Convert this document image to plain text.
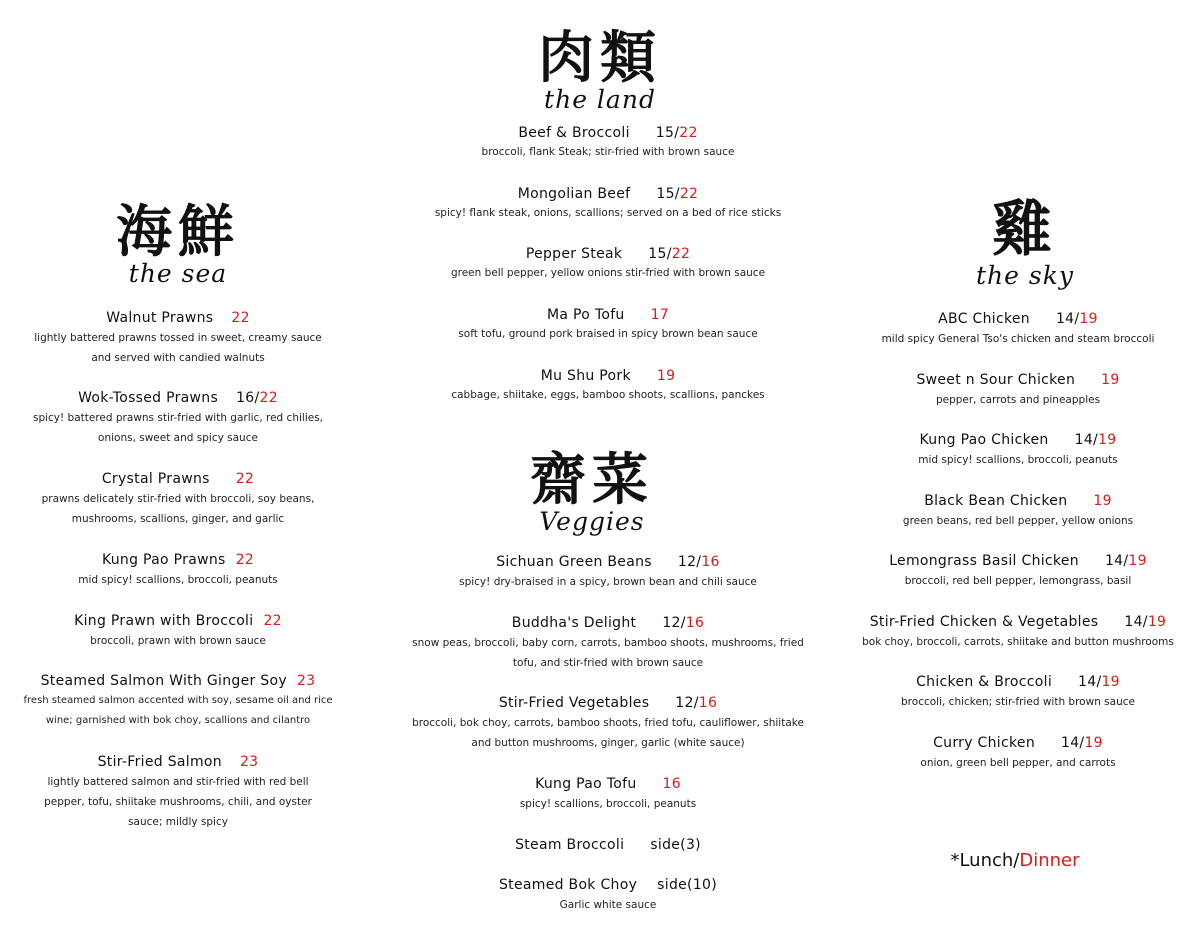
肉類
the land
海鮮
the sea
雞
the sky
齋菜
Veggies
Beef & Broccoli 15/22
broccoli, flank Steak; stir-fried with brown sauce
Mongolian Beef 15/22
spicy! flank steak, onions, scallions; served on a bed of rice sticks
Pepper Steak 15/22
green bell pepper, yellow onions stir-fried with brown sauce
Ma Po Tofu 17
soft tofu, ground pork braised in spicy brown bean sauce
Mu Shu Pork 19
cabbage, shiitake, eggs, bamboo shoots, scallions, panckes
Walnut Prawns 22
lightly battered prawns tossed in sweet, creamy sauce
and served with candied walnuts
Wok-Tossed Prawns 16/22
spicy! battered prawns stir-fried with garlic, red chilies,
onions, sweet and spicy sauce
Crystal Prawns 22
prawns delicately stir-fried with broccoli, soy beans,
mushrooms, scallions, ginger, and garlic
Kung Pao Prawns 22
mid spicy! scallions, broccoli, peanuts
King Prawn with Broccoli 22
broccoli, prawn with brown sauce
Steamed Salmon With Ginger Soy 23
fresh steamed salmon accented with soy, sesame oil and rice
wine; garnished with bok choy, scallions and cilantro
Stir-Fried Salmon 23
lightly battered salmon and stir-fried with red bell
pepper, tofu, shiitake mushrooms, chili, and oyster
sauce; mildly spicy
ABC Chicken 14/19
mild spicy General Tso's chicken and steam broccoli
Sweet n Sour Chicken 19
pepper, carrots and pineapples
Kung Pao Chicken 14/19
mid spicy! scallions, broccoli, peanuts
Black Bean Chicken 19
green beans, red bell pepper, yellow onions
Lemongrass Basil Chicken 14/19
broccoli, red bell pepper, lemongrass, basil
Stir-Fried Chicken & Vegetables 14/19
bok choy, broccoli, carrots, shiitake and button mushrooms
Chicken & Broccoli 14/19
broccoli, chicken; stir-fried with brown sauce
Curry Chicken 14/19
onion, green bell pepper, and carrots
Sichuan Green Beans 12/16
spicy! dry-braised in a spicy, brown bean and chili sauce
Buddha's Delight 12/16
snow peas, broccoli, baby corn, carrots, bamboo shoots, mushrooms, fried
tofu, and stir-fried with brown sauce
Stir-Fried Vegetables 12/16
broccoli, bok choy, carrots, bamboo shoots, fried tofu, cauliflower, shiitake
and button mushrooms, ginger, garlic (white sauce)
Kung Pao Tofu 16
spicy! scallions, broccoli, peanuts
Steam Broccoli side(3)
Steamed Bok Choy side(10)
Garlic white sauce
*Lunch/Dinner
